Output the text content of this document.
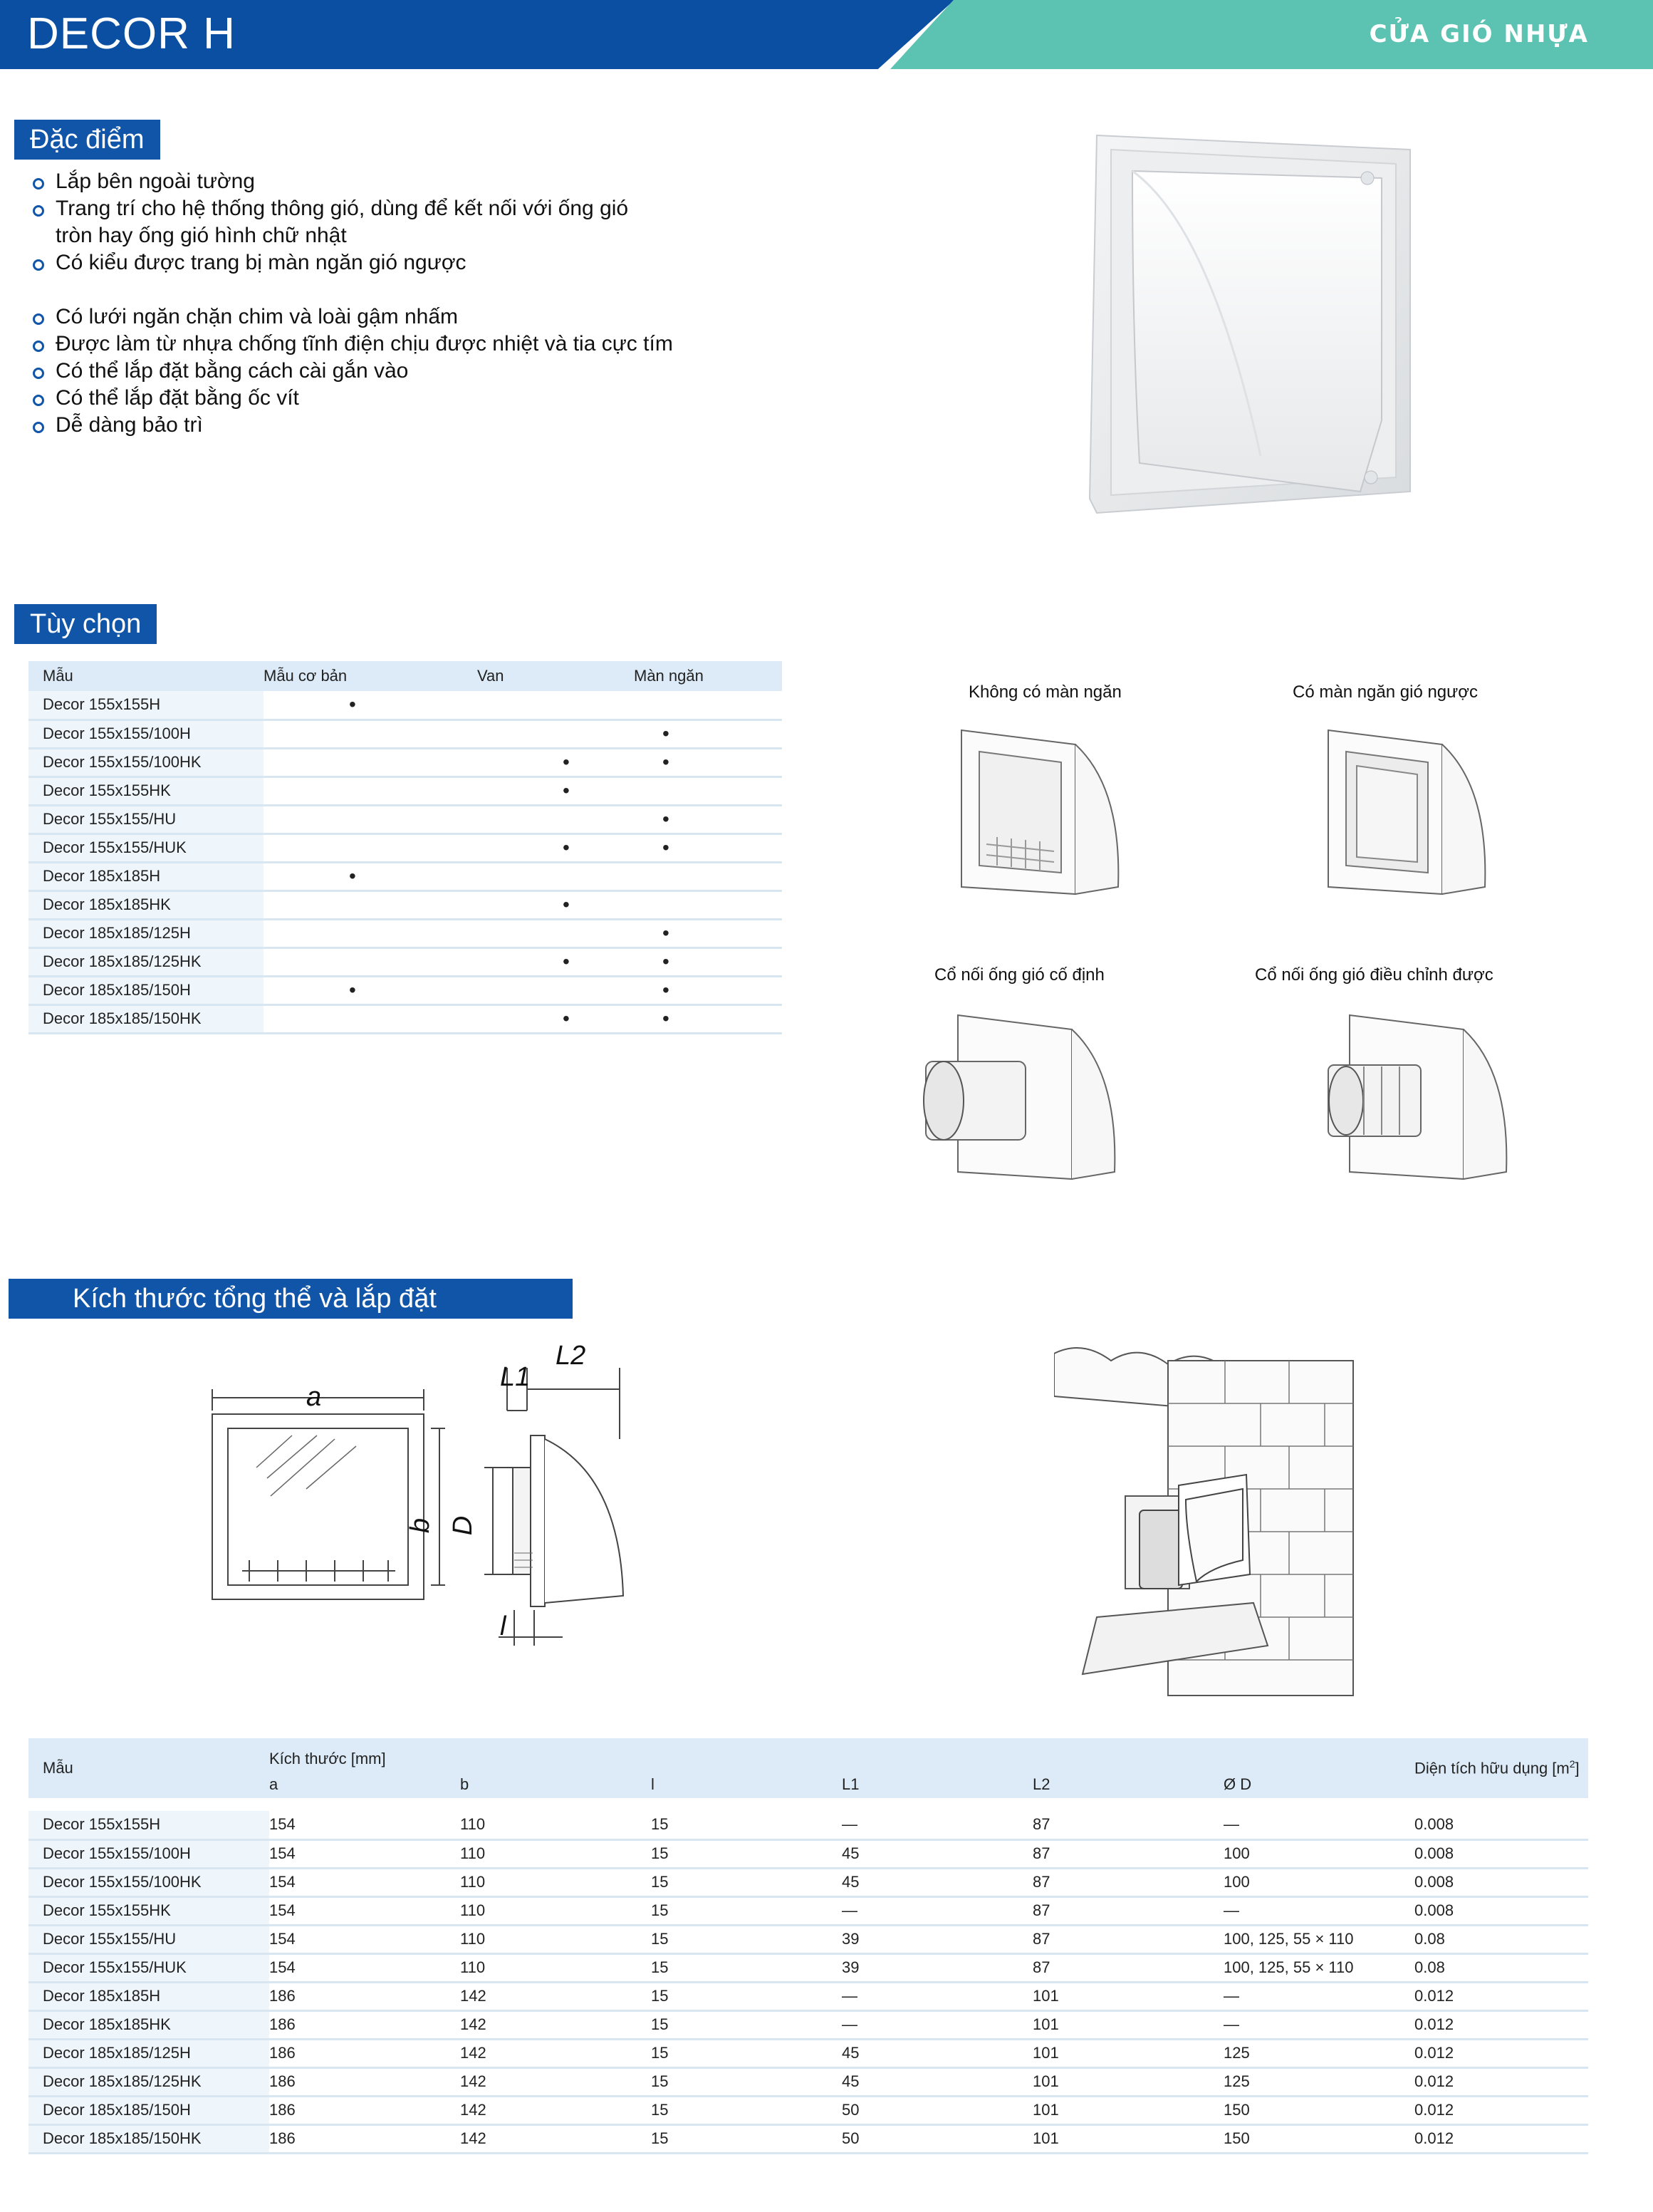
DECOR H	CỬA GIÓ NHỰA
Đặc điểm
Lắp bên ngoài tường
Trang trí cho hệ thống thông gió, dùng để kết nối với ống gió
tròn hay ống gió hình chữ nhật
Có kiểu được trang bị màn ngăn gió ngược
Có lưới ngăn chặn chim và loài gậm nhấm
Được làm từ nhựa chống tĩnh điện chịu được nhiệt và tia cực tím
Có thể lắp đặt bằng cách cài gắn vào
Có thể lắp đặt bằng ốc vít
Dễ dàng bảo trì
Tùy chọn
Mẫu	Mẫu cơ bản	Van	Màn ngăn
Decor 155x155H	•		
Decor 155x155/100H			•
Decor 155x155/100HK		•	•
Decor 155x155HK		•	
Decor 155x155/HU			•
Decor 155x155/HUK		•	•
Decor 185x185H	•		
Decor 185x185HK		•	
Decor 185x185/125H			•
Decor 185x185/125HK		•	•
Decor 185x185/150H	•		•
Decor 185x185/150HK		•	•
Không có màn ngăn	Có màn ngăn gió ngược
Cổ nối ống gió cố định	Cổ nối ống gió điều chỉnh được
Kích thước tổng thể và lắp đặt
a
b
L1
L2
D
l
Mẫu	Kích thước [mm]						Diện tích hữu dụng $[m^2]$
	a	b	l	L1	L2	Ø D	

Decor 155x155H	154	110	15	—	87	—	0.008
Decor 155x155/100H	154	110	15	45	87	100	0.008
Decor 155x155/100HK	154	110	15	45	87	100	0.008
Decor 155x155HK	154	110	15	—	87	—	0.008
Decor 155x155/HU	154	110	15	39	87	100, 125, 55 × 110	0.08
Decor 155x155/HUK	154	110	15	39	87	100, 125, 55 × 110	0.08
Decor 185x185H	186	142	15	—	101	—	0.012
Decor 185x185HK	186	142	15	—	101	—	0.012
Decor 185x185/125H	186	142	15	45	101	125	0.012
Decor 185x185/125HK	186	142	15	45	101	125	0.012
Decor 185x185/150H	186	142	15	50	101	150	0.012
Decor 185x185/150HK	186	142	15	50	101	150	0.012
